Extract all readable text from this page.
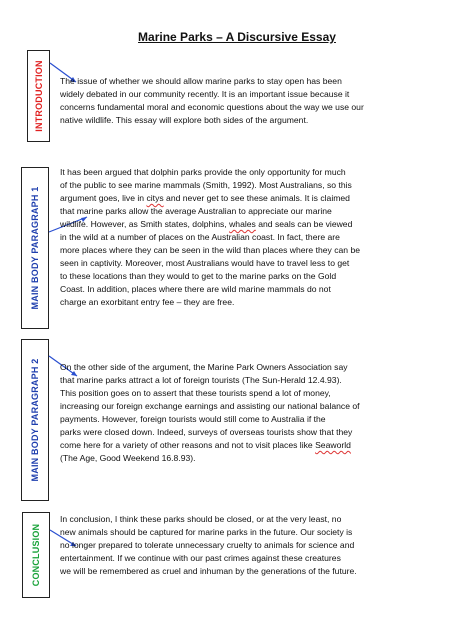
Marine Parks – A Discursive Essay
INTRODUCTION
MAIN BODY PARAGRAPH 1
MAIN BODY PARAGRAPH 2
CONCLUSION
The issue of whether we should allow marine parks to stay open has been
widely debated in our community recently. It is an important issue because it
concerns fundamental moral and economic questions about the way we use our
native wildlife. This essay will explore both sides of the argument.
It has been argued that dolphin parks provide the only opportunity for much
of the public to see marine mammals (Smith, 1992). Most Australians, so this
argument goes, live in citys and never get to see these animals. It is claimed
that marine parks allow the average Australian to appreciate our marine
wildlife. However, as Smith states, dolphins, whales and seals can be viewed
in the wild at a number of places on the Australian coast. In fact, there are
more places where they can be seen in the wild than places where they can be
seen in captivity. Moreover, most Australians would have to travel less to get
to these locations than they would to get to the marine parks on the Gold
Coast. In addition, places where there are wild marine mammals do not
charge an exorbitant entry fee – they are free.
On the other side of the argument, the Marine Park Owners Association say
that marine parks attract a lot of foreign tourists (The Sun-Herald 12.4.93).
This position goes on to assert that these tourists spend a lot of money,
increasing our foreign exchange earnings and assisting our national balance of
payments. However, foreign tourists would still come to Australia if the
parks were closed down. Indeed, surveys of overseas tourists show that they
come here for a variety of other reasons and not to visit places like Seaworld
(The Age, Good Weekend 16.8.93).
In conclusion, I think these parks should be closed, or at the very least, no
new animals should be captured for marine parks in the future. Our society is
no longer prepared to tolerate unnecessary cruelty to animals for science and
entertainment. If we continue with our past crimes against these creatures
we will be remembered as cruel and inhuman by the generations of the future.
